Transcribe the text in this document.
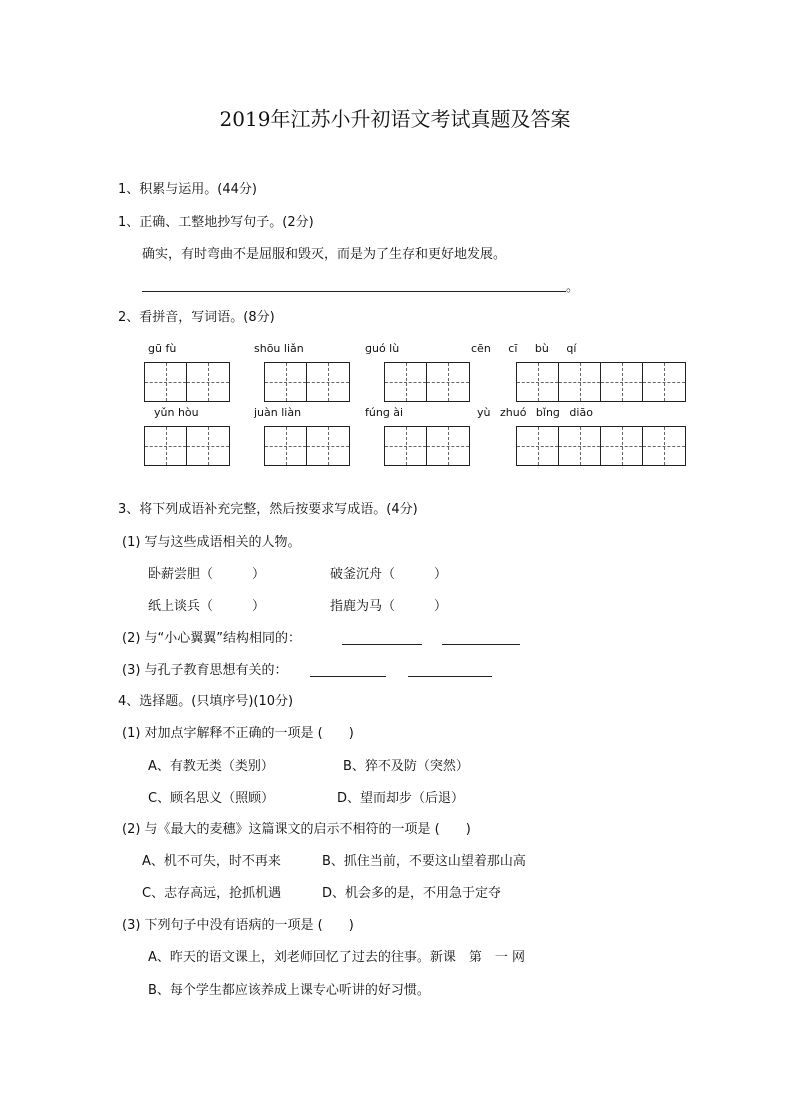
2019年江苏小升初语文考试真题及答案
1、积累与运用。(44分)
1、正确、工整地抄写句子。(2分)
确实，有时弯曲不是屈服和毁灭，而是为了生存和更好地发展。
。
2、看拼音，写词语。(8分)
gū fù	shōu liǎn	ɡuó lù	cēn cī bù qí
yǔn hòu	juàn liàn	fúnɡ ài	yù zhuó bǐnɡ diāo
3、将下列成语补充完整，然后按要求写成语。(4分)
(1) 写与这些成语相关的人物。
卧薪尝胆（　　　）	破釜沉舟（　　　）
纸上谈兵（　　　）	指鹿为马（　　　）
(2) 与“小心翼翼”结构相同的：
(3) 与孔子教育思想有关的：
4、选择题。(只填序号)(10分)
(1) 对加点字解释不正确的一项是 (　　)
A、有教无类（类别）	B、猝不及防（突然）
C、顾名思义（照顾）	D、望而却步（后退）
(2) 与《最大的麦穗》这篇课文的启示不相符的一项是 (　　)
A、机不可失，时不再来	B、抓住当前，不要这山望着那山高
C、志存高远，抢抓机遇	D、机会多的是，不用急于定夺
(3) 下列句子中没有语病的一项是 (　　)
A、昨天的语文课上，刘老师回忆了过去的往事。新课　第　一 网
B、每个学生都应该养成上课专心听讲的好习惯。
